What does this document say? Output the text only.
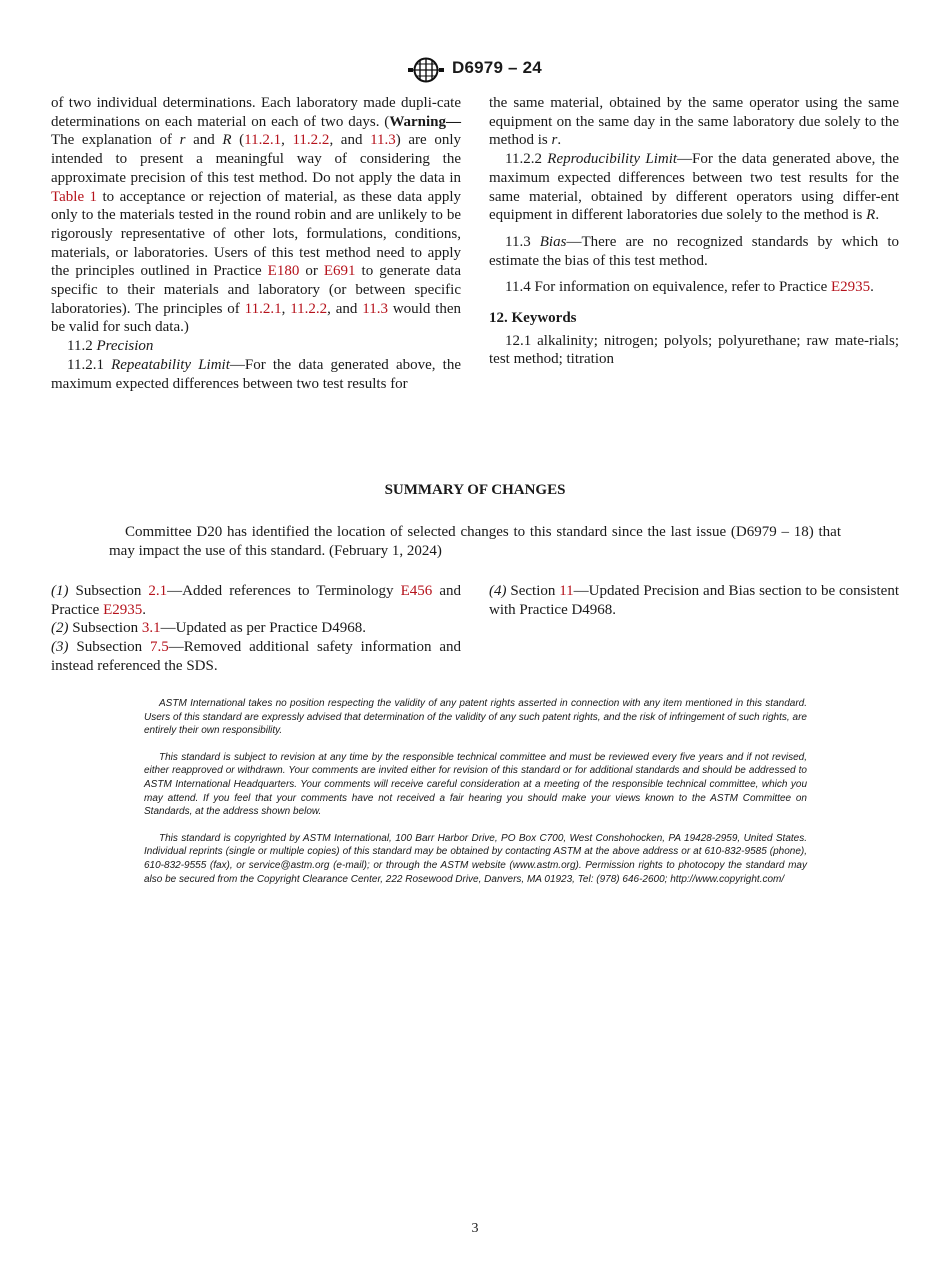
D6979 – 24

of two individual determinations. Each laboratory made dupli-cate determinations on each material on each of two days. (Warning—The explanation of r and R (11.2.1, 11.2.2, and 11.3) are only intended to present a meaningful way of considering the approximate precision of this test method. Do not apply the data in Table 1 to acceptance or rejection of material, as these data apply only to the materials tested in the round robin and are unlikely to be rigorously representative of other lots, formulations, conditions, materials, or laboratories. Users of this test method need to apply the principles outlined in Practice E180 or E691 to generate data specific to their materials and laboratory (or between specific laboratories). The principles of 11.2.1, 11.2.2, and 11.3 would then be valid for such data.)

11.2 Precision

11.2.1 Repeatability Limit—For the data generated above, the maximum expected differences between two test results for

the same material, obtained by the same operator using the same equipment on the same day in the same laboratory due solely to the method is r.

11.2.2 Reproducibility Limit—For the data generated above, the maximum expected differences between two test results for the same material, obtained by different operators using differ-ent equipment in different laboratories due solely to the method is R.

11.3 Bias—There are no recognized standards by which to estimate the bias of this test method.

11.4 For information on equivalence, refer to Practice E2935.

12. Keywords

12.1 alkalinity; nitrogen; polyols; polyurethane; raw mate-rials; test method; titration

SUMMARY OF CHANGES
Committee D20 has identified the location of selected changes to this standard since the last issue (D6979 – 18) that may impact the use of this standard. (February 1, 2024)

(1) Subsection 2.1—Added references to Terminology E456 and Practice E2935.

(2) Subsection 3.1—Updated as per Practice D4968.

(3) Subsection 7.5—Removed additional safety information and instead referenced the SDS.

(4) Section 11—Updated Precision and Bias section to be consistent with Practice D4968.

ASTM International takes no position respecting the validity of any patent rights asserted in connection with any item mentioned in this standard. Users of this standard are expressly advised that determination of the validity of any such patent rights, and the risk of infringement of such rights, are entirely their own responsibility.

This standard is subject to revision at any time by the responsible technical committee and must be reviewed every five years and if not revised, either reapproved or withdrawn. Your comments are invited either for revision of this standard or for additional standards and should be addressed to ASTM International Headquarters. Your comments will receive careful consideration at a meeting of the responsible technical committee, which you may attend. If you feel that your comments have not received a fair hearing you should make your views known to the ASTM Committee on Standards, at the address shown below.

This standard is copyrighted by ASTM International, 100 Barr Harbor Drive, PO Box C700, West Conshohocken, PA 19428-2959, United States. Individual reprints (single or multiple copies) of this standard may be obtained by contacting ASTM at the above address or at 610-832-9585 (phone), 610-832-9555 (fax), or service@astm.org (e-mail); or through the ASTM website (www.astm.org). Permission rights to photocopy the standard may also be secured from the Copyright Clearance Center, 222 Rosewood Drive, Danvers, MA 01923, Tel: (978) 646-2600; http://www.copyright.com/

3
